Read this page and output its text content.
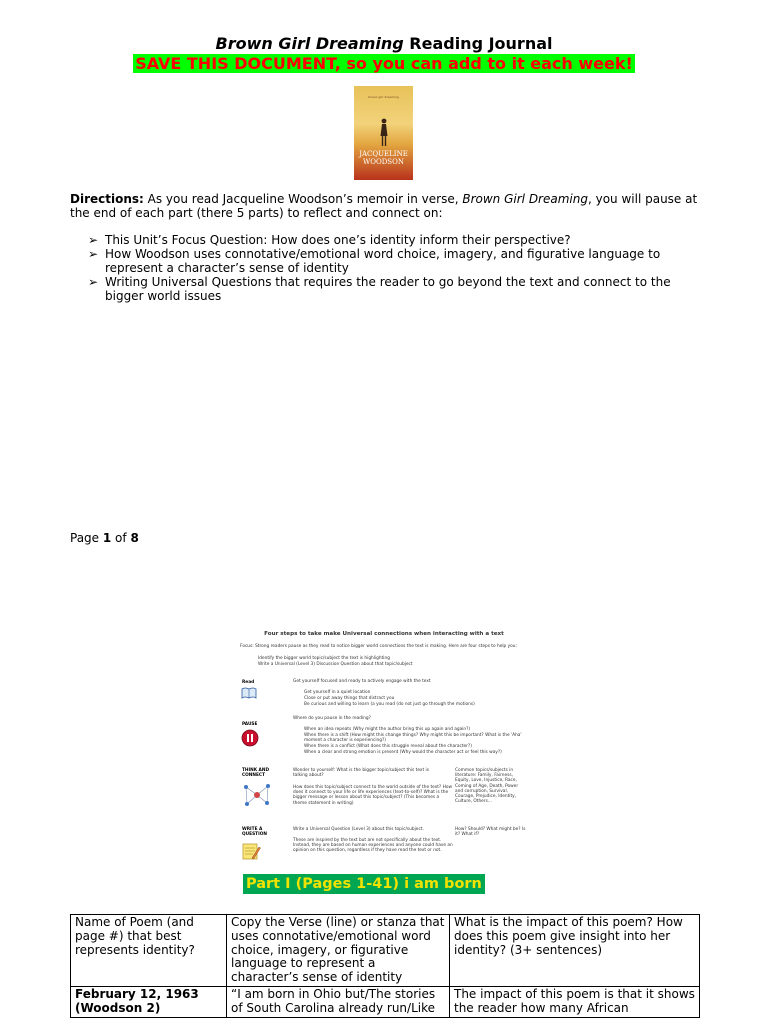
Brown Girl Dreaming Reading Journal
SAVE THIS DOCUMENT, so you can add to it each week!
brown girl dreaming
JACQUELINE
WOODSON
Directions: As you read Jacqueline Woodson’s memoir in verse, Brown Girl Dreaming, you will pause at the end of each part (there 5 parts) to reflect and connect on:
➢ This Unit’s Focus Question: How does one’s identity inform their perspective?
➢ How Woodson uses connotative/emotional word choice, imagery, and figurative language to represent a character’s sense of identity
➢ Writing Universal Questions that requires the reader to go beyond the text and connect to the bigger world issues
Page 1 of 8
Four steps to take make Universal connections when interacting with a text
Focus: Strong readers pause as they read to notice bigger world connections the text is making. Here are four steps to help you:
Identify the bigger world topic/subject the text is highlighting
Write a Universal (Level 3) Discussion Question about that topic/subject
Read	Get yourself focused and ready to actively engage with the text
Get yourself in a quiet location
Close or put away things that distract you
Be curious and willing to learn (a you read (do not just go through the motions)
Where do you pause in the reading?
PAUSE
When an idea repeats (Why might the author bring this up again and again?)
When there is a shift (How might this change things? Why might this be important? What is the 'Aha' moment a character is experiencing?)
When there is a conflict (What does this struggle reveal about the character?)
When a clear and strong emotion is present (Why would the character act or feel this way?)
THINK AND CONNECT
Wonder to yourself: What is the bigger topic/subject this text is talking about?
How does this topic/subject connect to the world outside of the text? How does it connect to your life or life experiences (text-to-self)? What is the bigger message or lesson about this topic/subject? (This becomes a theme statement in writing)
Common topics/subjects in literature: Family, Fairness, Equity, Love, Injustice, Race, Coming of Age, Death, Power and corruption, Survival, Courage, Prejudice, Identity, Culture, Others...
WRITE A QUESTION
Write a Universal Question (Level 3) about this topic/subject.
These are inspired by the text but are not specifically about the text. Instead, they are based on human experiences and anyone could have an opinion on this question, regardless if they have read the text or not.
How? Should? What might be? Is it? What if?
Part I (Pages 1-41) i am born
Name of Poem (and page #) that best represents identity?	Copy the Verse (line) or stanza that uses connotative/emotional word choice, imagery, or figurative language to represent a character’s sense of identity	What is the impact of this poem? How does this poem give insight into her identity? (3+ sentences)
February 12, 1963 (Woodson 2)	“I am born in Ohio but/The stories of South Carolina already run/Like	The impact of this poem is that it shows the reader how many African
